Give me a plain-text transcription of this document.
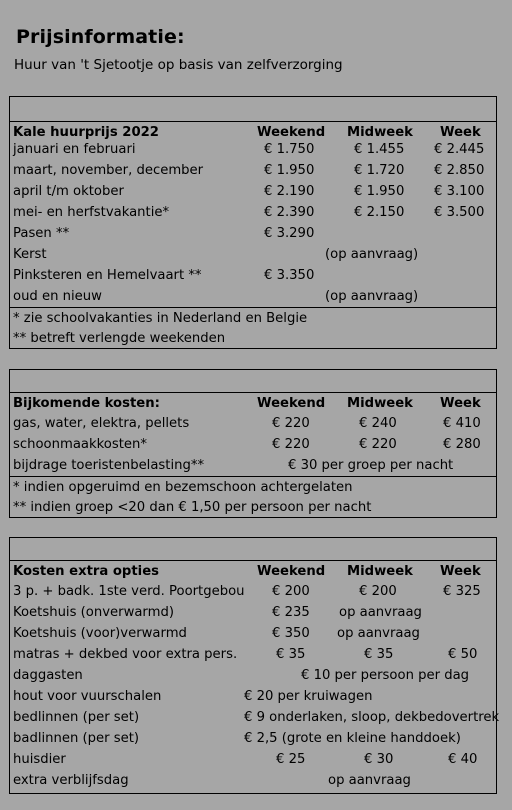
Prijsinformatie:
Huur van 't Sjetootje op basis van zelfverzorging
Kale huurprijs 2022	Weekend Midweek Week
januari en februari	€ 1.750	€ 1.455 € 2.445
maart, november, december	€ 1.950	€ 1.720 € 2.850
april t/m oktober	€ 2.190	€ 1.950 € 3.100
mei- en herfstvakantie*	€ 2.390	€ 2.150 € 3.500
Pasen **	€ 3.290
Kerst	(op aanvraag)
Pinksteren en Hemelvaart **	€ 3.350
oud en nieuw	(op aanvraag)
* zie schoolvakanties in Nederland en Belgie
** betreft verlengde weekenden
Bijkomende kosten:	Weekend Midweek Week
gas, water, elektra, pellets	€ 220	€ 240	€ 410
schoonmaakkosten*	€ 220	€ 220	€ 280
bijdrage toeristenbelasting**	€ 30 per groep per nacht
* indien opgeruimd en bezemschoon achtergelaten
** indien groep <20 dan € 1,50 per persoon per nacht
Kosten extra opties	Weekend Midweek Week
3 p. + badk. 1ste verd. Poortgebou € 200	€ 200	€ 325
Koetshuis (onverwarmd)	€ 235 op aanvraag
Koetshuis (voor)verwarmd	€ 350 op aanvraag
matras + dekbed voor extra pers.	€ 35	€ 35	€ 50
daggasten	€ 10 per persoon per dag
hout voor vuurschalen	€ 20 per kruiwagen
bedlinnen (per set)	€ 9 onderlaken, sloop, dekbedovertrek
badlinnen (per set)	€ 2,5 (grote en kleine handdoek)
huisdier	€ 25	€ 30	€ 40
extra verblijfsdag	op aanvraag
